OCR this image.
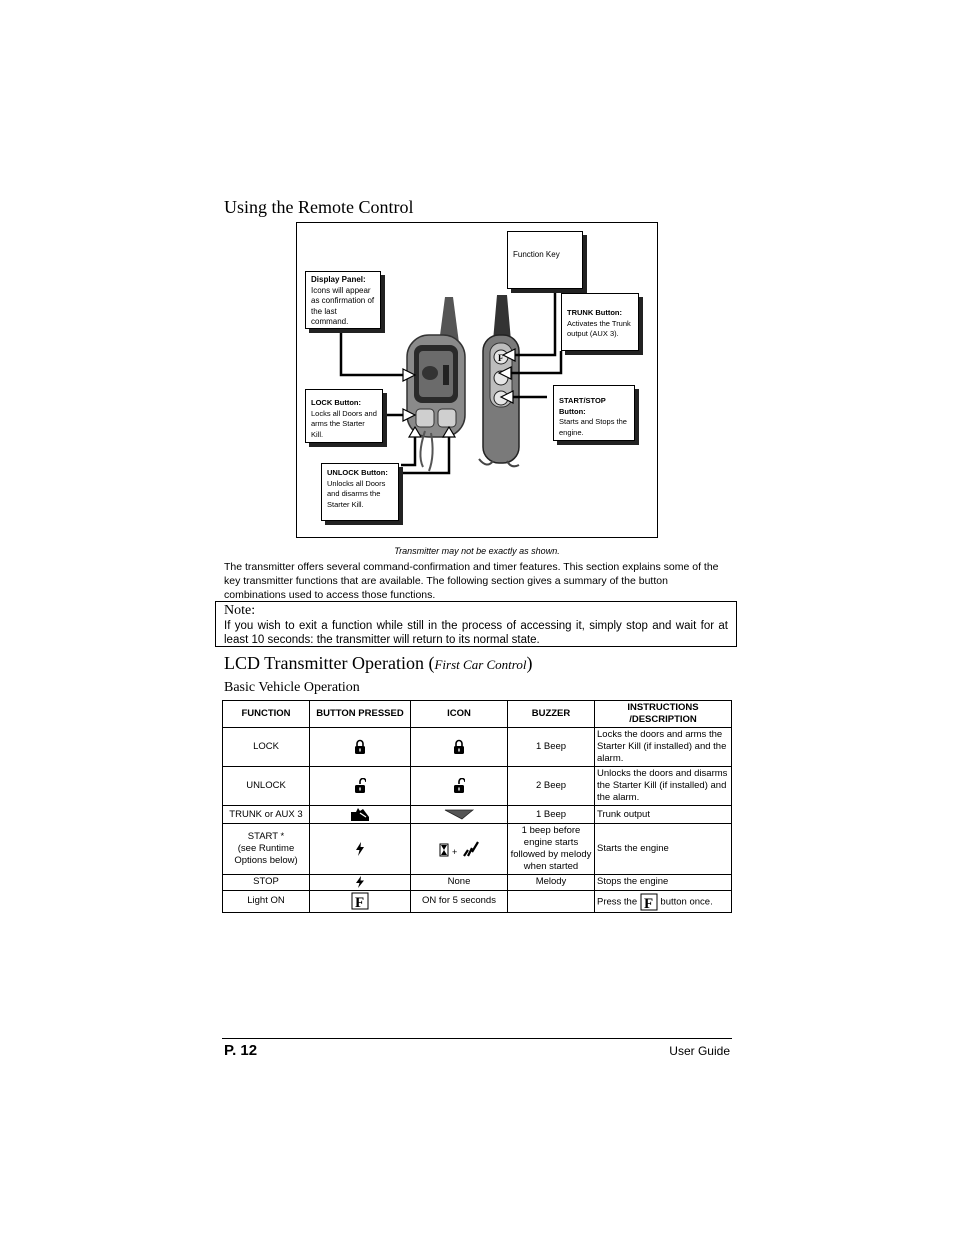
Using the Remote Control
F
Display Panel:
Icons will appear as confirmation of the last command.
Function Key
TRUNK Button:
Activates the Trunk output (AUX 3).
LOCK Button:
Locks all Doors and arms the Starter Kill.
START/STOP Button:
Starts and Stops the engine.
UNLOCK Button:
Unlocks all Doors and disarms the Starter Kill.
Transmitter may not be exactly as shown.
The transmitter offers several command-confirmation and timer features. This section explains some of the key transmitter functions that are available. The following section gives a summary of the button combinations used to access those functions.
Note:
If you wish to exit a function while still in the process of accessing it, simply stop and wait for at least 10 seconds: the transmitter will return to its normal state.
LCD Transmitter Operation (First Car Control)
Basic Vehicle Operation
FUNCTION	BUTTON PRESSED	ICON	BUZZER	INSTRUCTIONS /DESCRIPTION
LOCK			1 Beep	Locks the doors and arms the Starter Kill (if installed) and the alarm.
UNLOCK			2 Beep	Unlocks the doors and disarms the Starter Kill (if installed) and the alarm.
TRUNK or AUX 3			1 Beep	Trunk output
START *
(see Runtime
Options below)		+	1 beep before engine starts followed by melody when started	Starts the engine
STOP		None	Melody	Stops the engine
Light ON	F	ON for 5 seconds		Press the F button once.
P. 12	User Guide
